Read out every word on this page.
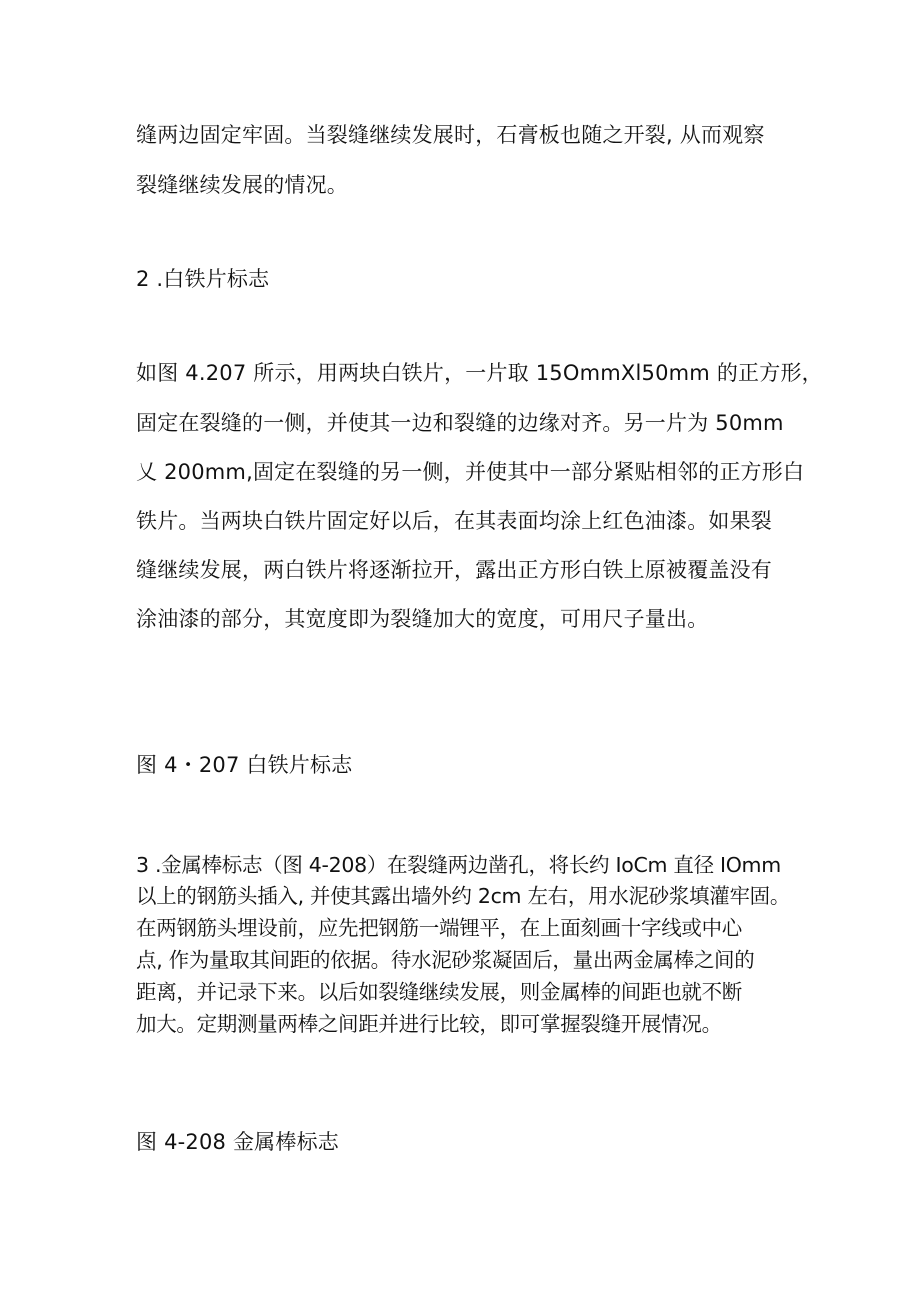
缝两边固定牢固。当裂缝继续发展时，石膏板也随之开裂, 从而观察
裂缝继续发展的情况。
2 .白铁片标志
如图 4.207 所示，用两块白铁片，一片取 15OmmXl50mm 的正方形，
固定在裂缝的一侧，并使其一边和裂缝的边缘对齐。另一片为 50mm
乂 200mm,固定在裂缝的另一侧，并使其中一部分紧贴相邻的正方形白
铁片。当两块白铁片固定好以后，在其表面均涂上红色油漆。如果裂
缝继续发展，两白铁片将逐渐拉开，露出正方形白铁上原被覆盖没有
涂油漆的部分，其宽度即为裂缝加大的宽度，可用尺子量出。
图 4・207 白铁片标志
3 .金属棒标志（图 4-208）在裂缝两边凿孔，将长约 IoCm 直径 IOmm
以上的钢筋头插入, 并使其露出墙外约 2cm 左右，用水泥砂浆填灌牢固。
在两钢筋头埋设前，应先把钢筋一端锂平，在上面刻画十字线或中心
点, 作为量取其间距的依据。待水泥砂浆凝固后，量出两金属棒之间的
距离，并记录下来。以后如裂缝继续发展，则金属棒的间距也就不断
加大。定期测量两棒之间距并进行比较，即可掌握裂缝开展情况。
图 4-208 金属棒标志
